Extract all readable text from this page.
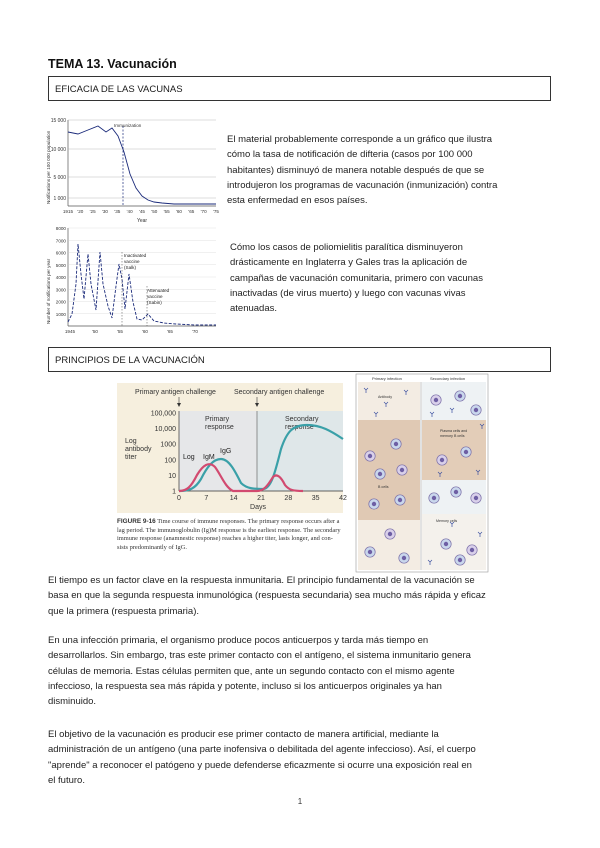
TEMA 13. Vacunación
EFICACIA DE LAS VACUNAS
Notifications per 100 000 population
15 000
10 000
5 000
1 000
1915 '20 '25 '30 '35 '40 '45 '50 '55 '60 '65 '70 '75
Year
Immunization
El material probablemente corresponde a un gráfico que ilustra
cómo la tasa de notificación de difteria (casos por 100 000
habitantes) disminuyó de manera notable después de que se
introdujeron los programas de vacunación (inmunización) contra
esta enfermedad en esos países.
Number of notifications per year
8000
7000
6000
5000
4000
3000
2000
1000
1945	'50	'55	'60	'65	'70
Inactivated vaccine (Salk)
Attenuated vaccine (Sabin)
Cómo los casos de poliomielitis paralítica disminuyeron
drásticamente en Inglaterra y Gales tras la aplicación de
campañas de vacunación comunitaria, primero con vacunas
inactivadas (de virus muerto) y luego con vacunas vivas
atenuadas.
PRINCIPIOS DE LA VACUNACIÓN
Primary antigen challenge	Secondary antigen challenge
Primary response
Secondary response
Log antibody titer
100,000
10,000
1000
100
10
1
0	7	14	21	28	35	42
Days
Log IgM
IgG
FIGURE 9-16 Time course of immune responses. The primary response occurs after a lag period. The immunoglobulin (Ig)M response is the earliest response. The secondary immune response (anamnestic response) reaches a higher titer, lasts longer, and con- sists predominantly of IgG.
Primary infection	Secondary infection
Antibody
Plasma cells and memory B cells
B cells
Memory cells
El tiempo es un factor clave en la respuesta inmunitaria. El principio fundamental de la vacunación se
basa en que la segunda respuesta inmunológica (respuesta secundaria) sea mucho más rápida y eficaz
que la primera (respuesta primaria).
En una infección primaria, el organismo produce pocos anticuerpos y tarda más tiempo en
desarrollarlos. Sin embargo, tras este primer contacto con el antígeno, el sistema inmunitario genera
células de memoria. Estas células permiten que, ante un segundo contacto con el mismo agente
infeccioso, la respuesta sea más rápida y potente, incluso si los anticuerpos originales ya han
disminuido.
El objetivo de la vacunación es producir ese primer contacto de manera artificial, mediante la
administración de un antígeno (una parte inofensiva o debilitada del agente infeccioso). Así, el cuerpo
"aprende" a reconocer el patógeno y puede defenderse eficazmente si ocurre una exposición real en
el futuro.
1
